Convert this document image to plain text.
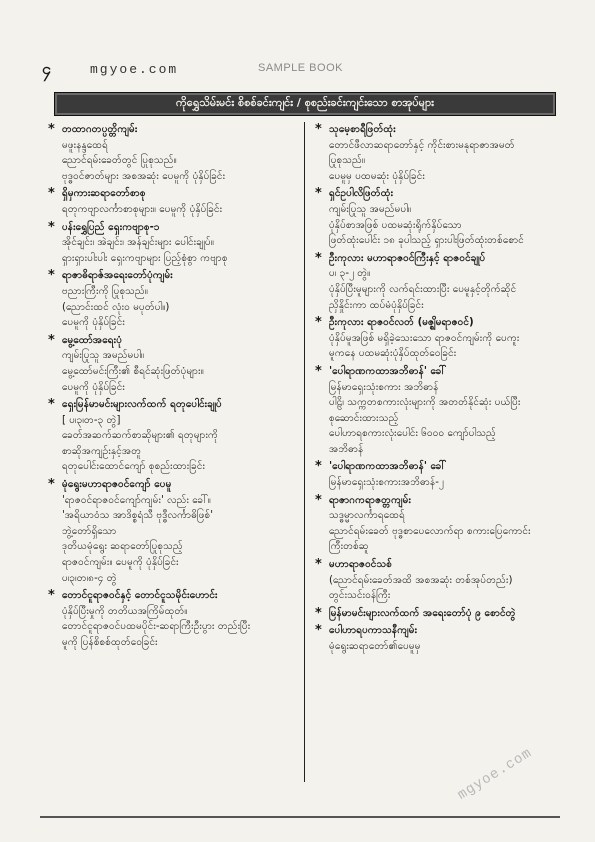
၄	mgyoe.com	SAMPLE BOOK
ကိုရွှေသိမ်းမင်း စိစစ်ခင်းကျင်း / စုစည်းခင်းကျင်းသော စာအုပ်များ
* တထာဂတပ္ပတ္တိကျမ်း
မဖူးနန္ဒထေရ်
ညောင်ရမ်းခေတ်တွင် ပြုစုသည်။
ဗုဒ္ဓဝင်ဇာတ်များ အစအဆုံး ပေမူကို ပုံနှိပ်ခြင်း
* ရှိမှကားဆရာတော်စာစု
ရတုကဗျာလင်္ကာစာစုများ။ ပေမူကို ပုံနှိပ်ခြင်း
* ပန်းရွှေပြည် ရှေးကဗျာစု-၁
အိုင်ချင်း၊ အဲချင်း၊ အန်ချင်းများ ပေါင်းချုပ်။
ရှားရှားပါးပါး ရှေးကဗျာများ ပြည့်စုံစွာ ကဗျာစု
* ရာဇာဓိရာဇ်အရေးတော်ပုံကျမ်း
ဗညားကြီးကို ပြုစုသည်။
(ညောင်းထင် လုံးဝ မပုတ်ပါ။)
ပေမူကို ပုံနှိပ်ခြင်း
* မွေ့ထော်အရေးပုံ
ကျမ်းပြုသူ အမည်မပါ။
မွေ့ထော်မင်းကြီး၏ စီရင်ဆုံးဖြတ်ပုံများ။
ပေမူကို ပုံနှိပ်ခြင်း
* ရှေးမြန်မာမင်းများလက်ထက် ရတုပေါင်းချုပ်
[ ပ၊၃၊တ-၃ တွဲ]
ခေတ်အဆက်ဆက်စာဆိုများ၏ ရတုများကို
စာဆိုအကျဉ်းနှင့်အတူ
ရတုပေါင်းထောင်ကျော် စုစည်းထားခြင်း
* မုံရွေးမဟာရာဇဝင်ကျော် ပေမူ
'ရာဇဝင်ရာဇဝင်ကျော်ကျမ်း' လည်း ခေါ်။
'အရိယာဝံသ အာဒိစ္စရံသီ ဗုဒ္ဓီလင်္ကာဓိဖြစ်'
ဘွဲ့တော်ရှိသော
ဒုတိယမုံရွေး ဆရာတော်ပြုစုသည့်
ရာဇဝင်ကျမ်း။ ပေမူကို ပုံနှိပ်ခြင်း
ပ၊၃၊တ၊၈-၄ တွဲ
* တောင်ငူရာဇဝင်နှင့် တောင်ငူသမိုင်းဟောင်း
ပုံနှိပ်ပြီးမှုကို တတိယအကြိမ်ထုတ်။
တောင်ငူရာဇဝင်ပထမပိုင်း-ဆရာကြီးဦးပွား တည်းပြီး
မူကို ပြန်စိစစ်ထုတ်ဝေခြင်း
* သုမေ့စာရီဖြတ်ထုံး
တောင်ဖီလာဆရာတော်နှင့် ကိုင်းစားမနုရာဇာအမတ်
ပြုစုသည်။
ပေမူမှ ပထမဆုံး ပုံနှိပ်ခြင်း
* ရှင်ဥပါလိဖြတ်ထုံး
ကျမ်းပြုသူ အမည်မပါ။
ပုံနှိပ်စာအဖြစ် ပထမဆုံးရိုက်နှိပ်သော
ဖြတ်ထုံးပေါင်း ၁၈ ခုပါသည့် ရှားပါးဖြတ်ထုံးတစ်စောင်
* ဦးကုလား မဟာရာဇဝင်ကြီးနှင့် ရာဇဝင်ချုပ်
ပ၊ ၃-၂ တွဲ။
ပုံနှိပ်ပြီးမူများကို လက်ရင်းထားပြီး ပေမူနှင့်တိုက်ဆိုင်
ညှိနှိုင်းကာ ထပ်မံပုံနှိပ်ခြင်း
* ဦးကုလား ရာဇဝင်လတ် (မဇ္ဈိမရာဇဝင်)
ပုံနှိပ်မူအဖြစ် မရှိခဲ့သေးသော ရာဇဝင်ကျမ်းကို ပေကူး
မူကနေ ပထမဆုံးပုံနှိပ်ထုတ်ဝေခြင်း
* 'ပေါရာဏကထာအဘိဓာန်' ခေါ်
မြန်မာရှေးသုံးစကား အဘိဓာန်
ပါဠိ၊ သက္ကတစကားလုံးများကို အတတ်နိုင်ဆုံး ပယ်ပြီး
စုဆောင်းထားသည့်
ပေါဟာရစကားလုံးပေါင်း ၆၀၀၀ ကျော်ပါသည့်
အဘိဓာန်
* 'ပေါရာဏကထာအဘိဓာန်' ခေါ်
မြန်မာရှေးသုံးစကားအဘိဓာန်-၂
* ရာဇာဂကရာဇတ္တကျမ်း
သဒ္ဓမ္မာလင်္ကာရထေရ်
ညောင်ရမ်းခေတ် ဗုဒ္ဓစာပေလောက်ရာ စကားပြေကောင်း
ကြီးတစ်ဆူ
* မဟာရာဇဝင်သစ်
(ညောင်ရမ်းခေတ်အထိ အစအဆုံး တစ်အုပ်တည်း)
တွင်းသင်းဝန်ကြီး
* မြန်မာမင်းများလက်ထက် အရေးတော်ပုံ ၉ စောင်တွဲ
* ပေါဟာရပကာသနီကျမ်း
မုံရွေးဆရာတော်၏ပေမူမှ
mgyoe.com
